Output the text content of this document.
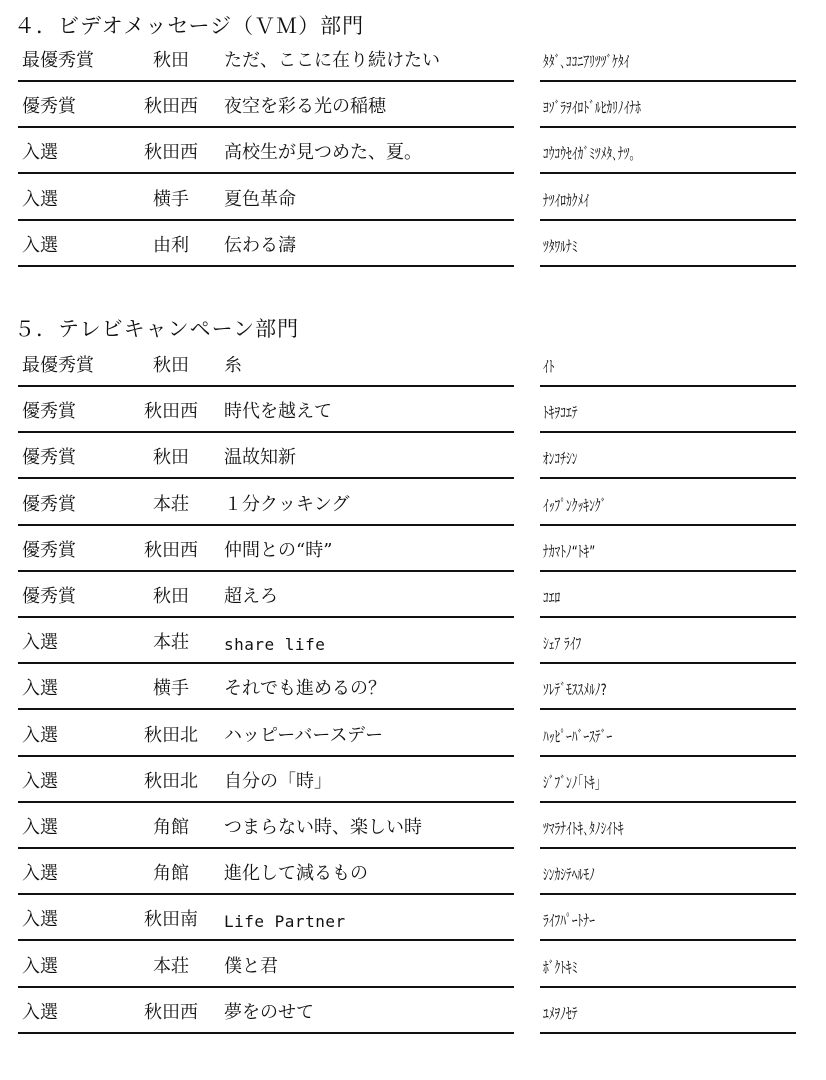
４．ビデオメッセージ（ＶＭ）部門
最優秀賞	秋田	ただ、ここに在り続けたい	ﾀﾀﾞ､ｺｺﾆｱﾘﾂﾂﾞｹﾀｲ
優秀賞	秋田西	夜空を彩る光の稲穂	ﾖｿﾞﾗｦｲﾛﾄﾞﾙﾋｶﾘﾉｲﾅﾎ
入選	秋田西	高校生が見つめた、夏。	ｺｳｺｳｾｲｶﾞﾐﾂﾒﾀ､ﾅﾂ｡
入選	横手	夏色革命	ﾅﾂｲﾛｶｸﾒｲ
入選	由利	伝わる濤	ﾂﾀﾜﾙﾅﾐ
５．テレビキャンペーン部門
最優秀賞	秋田	糸	ｲﾄ
優秀賞	秋田西	時代を越えて	ﾄｷｦｺｴﾃ
優秀賞	秋田	温故知新	ｵﾝｺﾁｼﾝ
優秀賞	本荘	１分クッキング	ｲｯﾌﾟﾝｸｯｷﾝｸﾞ
優秀賞	秋田西	仲間との“時”	ﾅｶﾏﾄﾉ“ﾄｷ”
優秀賞	秋田	超えろ	ｺｴﾛ
入選	本荘	share life	ｼｪｱ ﾗｲﾌ
入選	横手	それでも進めるの？	ｿﾚﾃﾞﾓｽｽﾒﾙﾉ?
入選	秋田北	ハッピーバースデー	ﾊｯﾋﾟｰﾊﾞｰｽﾃﾞｰ
入選	秋田北	自分の「時」	ｼﾞﾌﾞﾝﾉ｢ﾄｷ｣
入選	角館	つまらない時、楽しい時	ﾂﾏﾗﾅｲﾄｷ､ﾀﾉｼｲﾄｷ
入選	角館	進化して減るもの	ｼﾝｶｼﾃﾍﾙﾓﾉ
入選	秋田南	Life Partner	ﾗｲﾌﾊﾟｰﾄﾅｰ
入選	本荘	僕と君	ﾎﾞｸﾄｷﾐ
入選	秋田西	夢をのせて	ﾕﾒｦﾉｾﾃ
